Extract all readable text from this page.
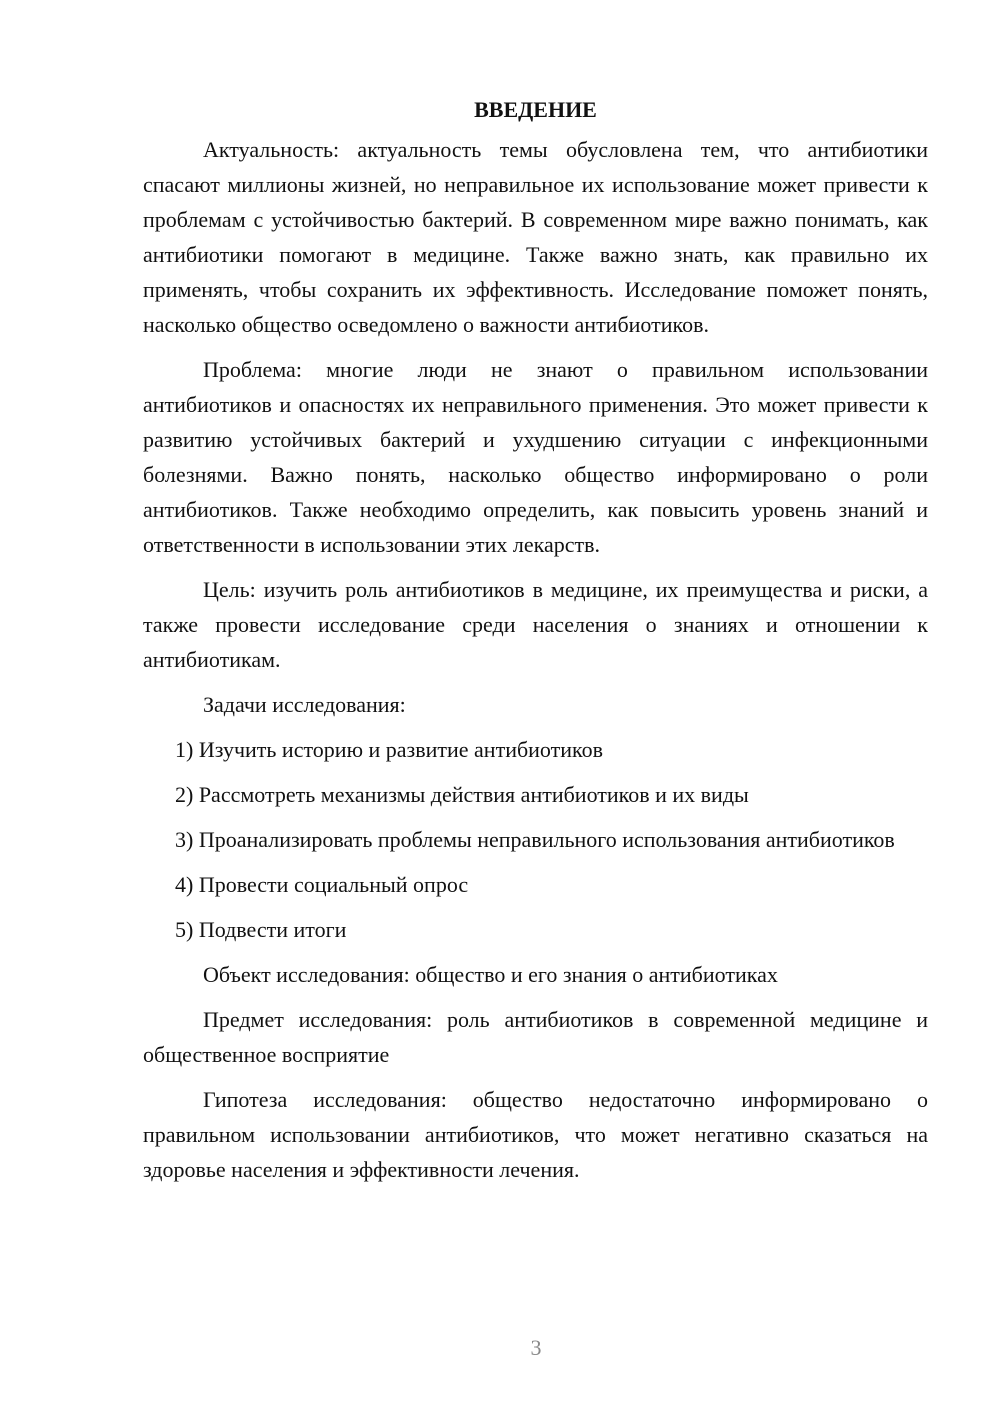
ВВЕДЕНИЕ

Актуальность: актуальность темы обусловлена тем, что антибиотики спасают миллионы жизней, но неправильное их использование может привести к проблемам с устойчивостью бактерий. В современном мире важно понимать, как антибиотики помогают в медицине. Также важно знать, как правильно их применять, чтобы сохранить их эффективность. Исследование поможет понять, насколько общество осведомлено о важности антибиотиков.

Проблема: многие люди не знают о правильном использовании антибиотиков и опасностях их неправильного применения. Это может привести к развитию устойчивых бактерий и ухудшению ситуации с инфекционными болезнями. Важно понять, насколько общество информировано о роли антибиотиков. Также необходимо определить, как повысить уровень знаний и ответственности в использовании этих лекарств.

Цель: изучить роль антибиотиков в медицине, их преимущества и риски, а также провести исследование среди населения о знаниях и отношении к антибиотикам.

Задачи исследования:

1) Изучить историю и развитие антибиотиков

2) Рассмотреть механизмы действия антибиотиков и их виды

3) Проанализировать проблемы неправильного использования антибиотиков

4) Провести социальный опрос

5) Подвести итоги

Объект исследования: общество и его знания о антибиотиках

Предмет исследования: роль антибиотиков в современной медицине и общественное восприятие

Гипотеза исследования: общество недостаточно информировано о правильном использовании антибиотиков, что может негативно сказаться на здоровье населения и эффективности лечения.

3
